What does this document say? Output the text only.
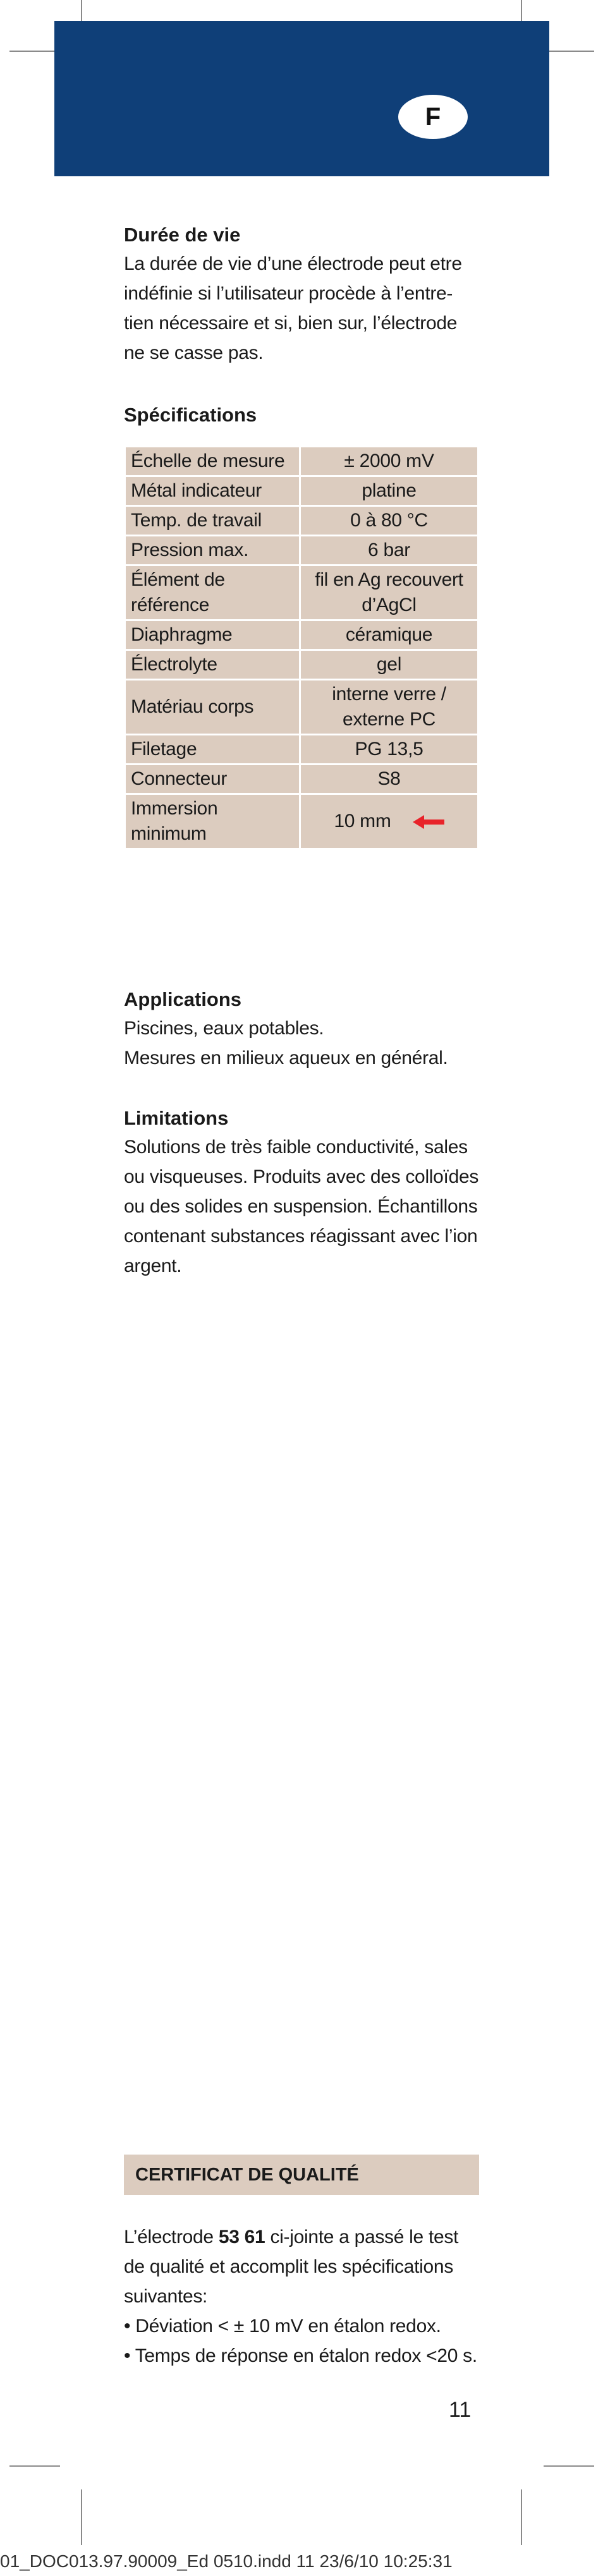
F

Durée de vie

La durée de vie d’une électrode peut etre

indéfinie si l’utilisateur procède à l’entre-

tien nécessaire et si, bien sur, l’électrode

ne se casse pas.

Spécifications

Échelle de mesure	± 2000 mV
Métal indicateur	platine
Temp. de travail	0 à 80 °C
Pression max.	6 bar
Élément de référence	fil en Ag recouvert d’AgCl
Diaphragme	céramique
Électrolyte	gel
Matériau corps	interne verre / externe PC
Filetage	PG 13,5
Connecteur	S8
Immersion minimum	10 mm

Applications

Piscines, eaux potables.

Mesures en milieux aqueux en général.

Limitations

Solutions de très faible conductivité, sales

ou visqueuses. Produits avec des colloïdes

ou des solides en suspension. Échantillons

contenant substances réagissant avec l’ion

argent.

CERTIFICAT DE QUALITÉ

L’électrode 53 61 ci-jointe a passé le test

de qualité et accomplit les spécifications

suivantes:

• Déviation < ± 10 mV en étalon redox.

• Temps de réponse en étalon redox <20 s.

11
01_DOC013.97.90009_Ed 0510.indd 11 23/6/10 10:25:31
